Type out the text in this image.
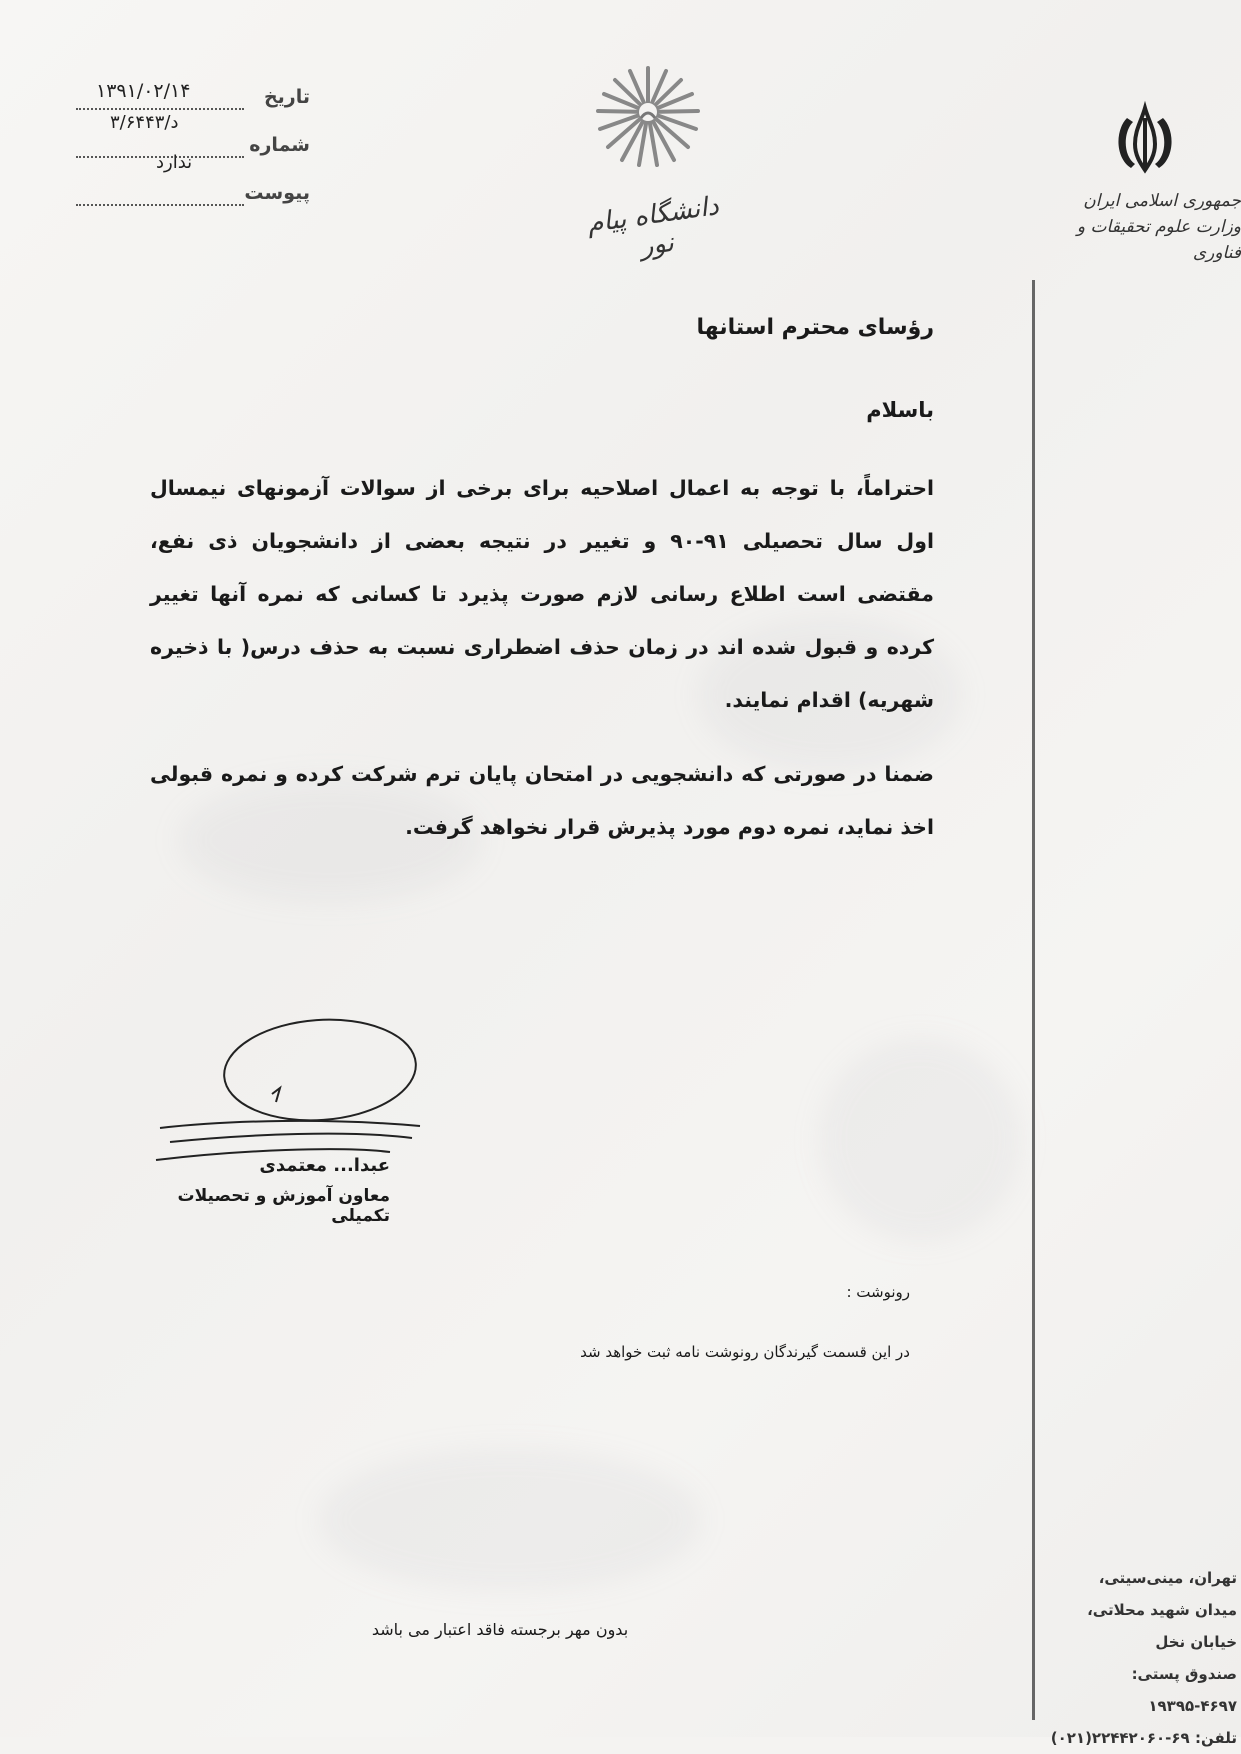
تاریخ
۱۳۹۱/۰۲/۱۴
شماره
د/۳/۶۴۴۳
پیوست
ندارد
دانشگاه پیام نور
جمهوری اسلامی ایران
وزارت علوم تحقیقات و فناوری
رؤسای محترم استانها
باسلام
احتراماً، با توجه به اعمال اصلاحیه برای برخی از سوالات آزمونهای نیمسال اول سال تحصیلی ۹۱-۹۰ و تغییر در نتیجه بعضی از دانشجویان ذی نفع، مقتضی است اطلاع رسانی لازم صورت پذیرد تا کسانی که نمره آنها تغییر کرده و قبول شده اند در زمان حذف اضطراری نسبت به حذف درس( با ذخیره شهریه) اقدام نمایند.
ضمنا در صورتی که دانشجویی در امتحان پایان ترم شرکت کرده و نمره قبولی اخذ نماید، نمره دوم مورد پذیرش قرار نخواهد گرفت.
عبدا... معتمدی
معاون آموزش و تحصیلات تکمیلی
رونوشت :
در این قسمت گیرندگان رونوشت نامه ثبت خواهد شد
بدون مهر برجسته فاقد اعتبار می باشد
تهران، مینی‌سیتی،
میدان شهید محلاتی،
خیابان نخل
صندوق پستی: ۴۶۹۷-۱۹۳۹۵
تلفن: ۶۹-۲۲۴۴۲۰۶۰(۰۲۱)
